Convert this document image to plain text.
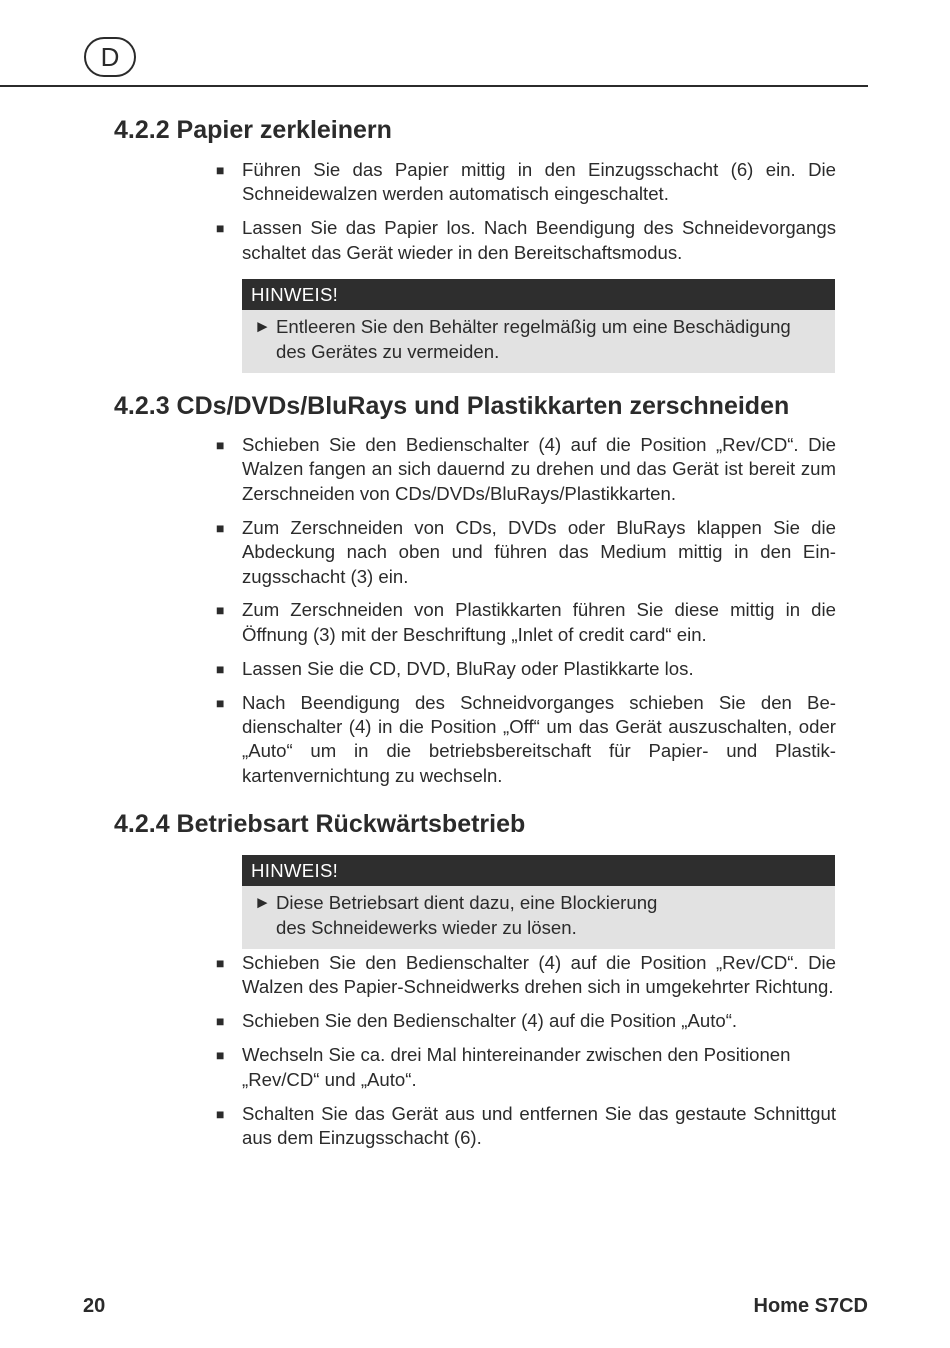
D
4.2.2 Papier zerkleinern
■ Führen Sie das Papier mittig in den Einzugsschacht (6) ein. Die Schneidewalzen werden automatisch eingeschaltet.
■ Lassen Sie das Papier los. Nach Beendigung des Schneidevorgangs schaltet das Gerät wieder in den Bereitschaftsmodus.
HINWEIS!
► Entleeren Sie den Behälter regelmäßig um eine Beschädigung des Gerätes zu vermeiden.
4.2.3 CDs/DVDs/BluRays und Plastikkarten zerschneiden
■ Schieben Sie den Bedienschalter (4) auf die Position „Rev/CD“. Die Walzen fangen an sich dauernd zu drehen und das Gerät ist bereit zum Zerschneiden von CDs/DVDs/BluRays/Plastikkarten.
■ Zum Zerschneiden von CDs, DVDs oder BluRays klappen Sie die Abdeckung nach oben und führen das Medium mittig in den Einzugsschacht (3) ein.
■ Zum Zerschneiden von Plastikkarten führen Sie diese mittig in die Öffnung (3) mit der Beschriftung „Inlet of credit card“ ein.
■ Lassen Sie die CD, DVD, BluRay oder Plastikkarte los.
■ Nach Beendigung des Schneidvorganges schieben Sie den Bedienschalter (4) in die Position „Off“ um das Gerät auszuschalten, oder „Auto“ um in die betriebsbereitschaft für Papier- und Plastikkartenvernichtung zu wechseln.
4.2.4 Betriebsart Rückwärtsbetrieb
HINWEIS!
► Diese Betriebsart dient dazu, eine Blockierung
des Schneidewerks wieder zu lösen.
■ Schieben Sie den Bedienschalter (4) auf die Position „Rev/CD“. Die Walzen des Papier-Schneidwerks drehen sich in umgekehrter Richtung.
■ Schieben Sie den Bedienschalter (4) auf die Position „Auto“.
■ Wechseln Sie ca. drei Mal hintereinander zwischen den Positionen „Rev/CD“ und „Auto“.
■ Schalten Sie das Gerät aus und entfernen Sie das gestaute Schnittgut aus dem Einzugsschacht (6).
20	Home S7CD
